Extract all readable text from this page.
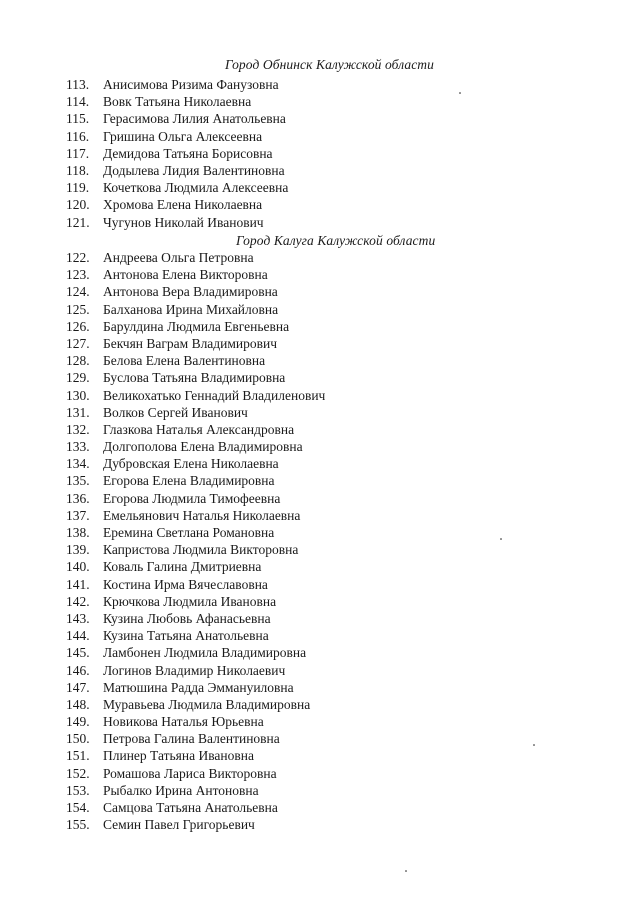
Город Обнинск Калужской области
113.	Анисимова Ризима Фанузовна
114.	Вовк Татьяна Николаевна
115.	Герасимова Лилия Анатольевна
116.	Гришина Ольга Алексеевна
117.	Демидова Татьяна Борисовна
118.	Додылева Лидия Валентиновна
119.	Кочеткова Людмила Алексеевна
120. Хромова Елена Николаевна
121. Чугунов Николай Иванович
Город Калуга Калужской области
122. Андреева Ольга Петровна
123. Антонова Елена Викторовна
124. Антонова Вера Владимировна
125. Балханова Ирина Михайловна
126. Барулдина Людмила Евгеньевна
127. Бекчян Ваграм Владимирович
128. Белова Елена Валентиновна
129. Буслова Татьяна Владимировна
130. Великохатько Геннадий Владиленович
131. Волков Сергей Иванович
132. Глазкова Наталья Александровна
133. Долгополова Елена Владимировна
134. Дубровская Елена Николаевна
135. Егорова Елена Владимировна
136. Егорова Людмила Тимофеевна
137. Емельянович Наталья Николаевна
138. Еремина Светлана Романовна
139. Капристова Людмила Викторовна
140. Коваль Галина Дмитриевна
141. Костина Ирма Вячеславовна
142. Крючкова Людмила Ивановна
143. Кузина Любовь Афанасьевна
144. Кузина Татьяна Анатольевна
145. Ламбонен Людмила Владимировна
146. Логинов Владимир Николаевич
147. Матюшина Радда Эммануиловна
148. Муравьева Людмила Владимировна
149. Новикова Наталья Юрьевна
150. Петрова Галина Валентиновна
151. Плинер Татьяна Ивановна
152. Ромашова Лариса Викторовна
153. Рыбалко Ирина Антоновна
154. Самцова Татьяна Анатольевна
155. Семин Павел Григорьевич
